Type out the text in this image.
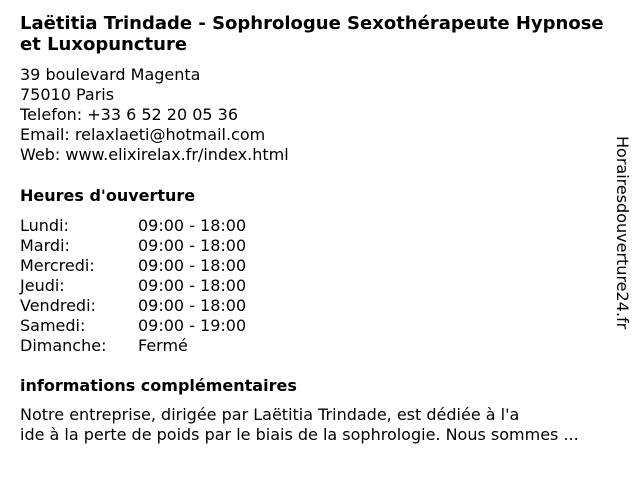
Laëtitia Trindade - Sophrologue Sexothérapeute Hypnose et Luxopuncture
39 boulevard Magenta
75010 Paris
Telefon: +33 6 52 20 05 36
Email: relaxlaeti@hotmail.com
Web: www.elixirelax.fr/index.html
Heures d'ouverture
Lundi:	09:00 - 18:00
Mardi:	09:00 - 18:00
Mercredi:	09:00 - 18:00
Jeudi:	09:00 - 18:00
Vendredi:	09:00 - 18:00
Samedi:	09:00 - 19:00
Dimanche:	Fermé
informations complémentaires
Notre entreprise, dirigée par Laëtitia Trindade, est dédiée à l'a
ide à la perte de poids par le biais de la sophrologie. Nous sommes ...
Horairesdouverture24.fr
